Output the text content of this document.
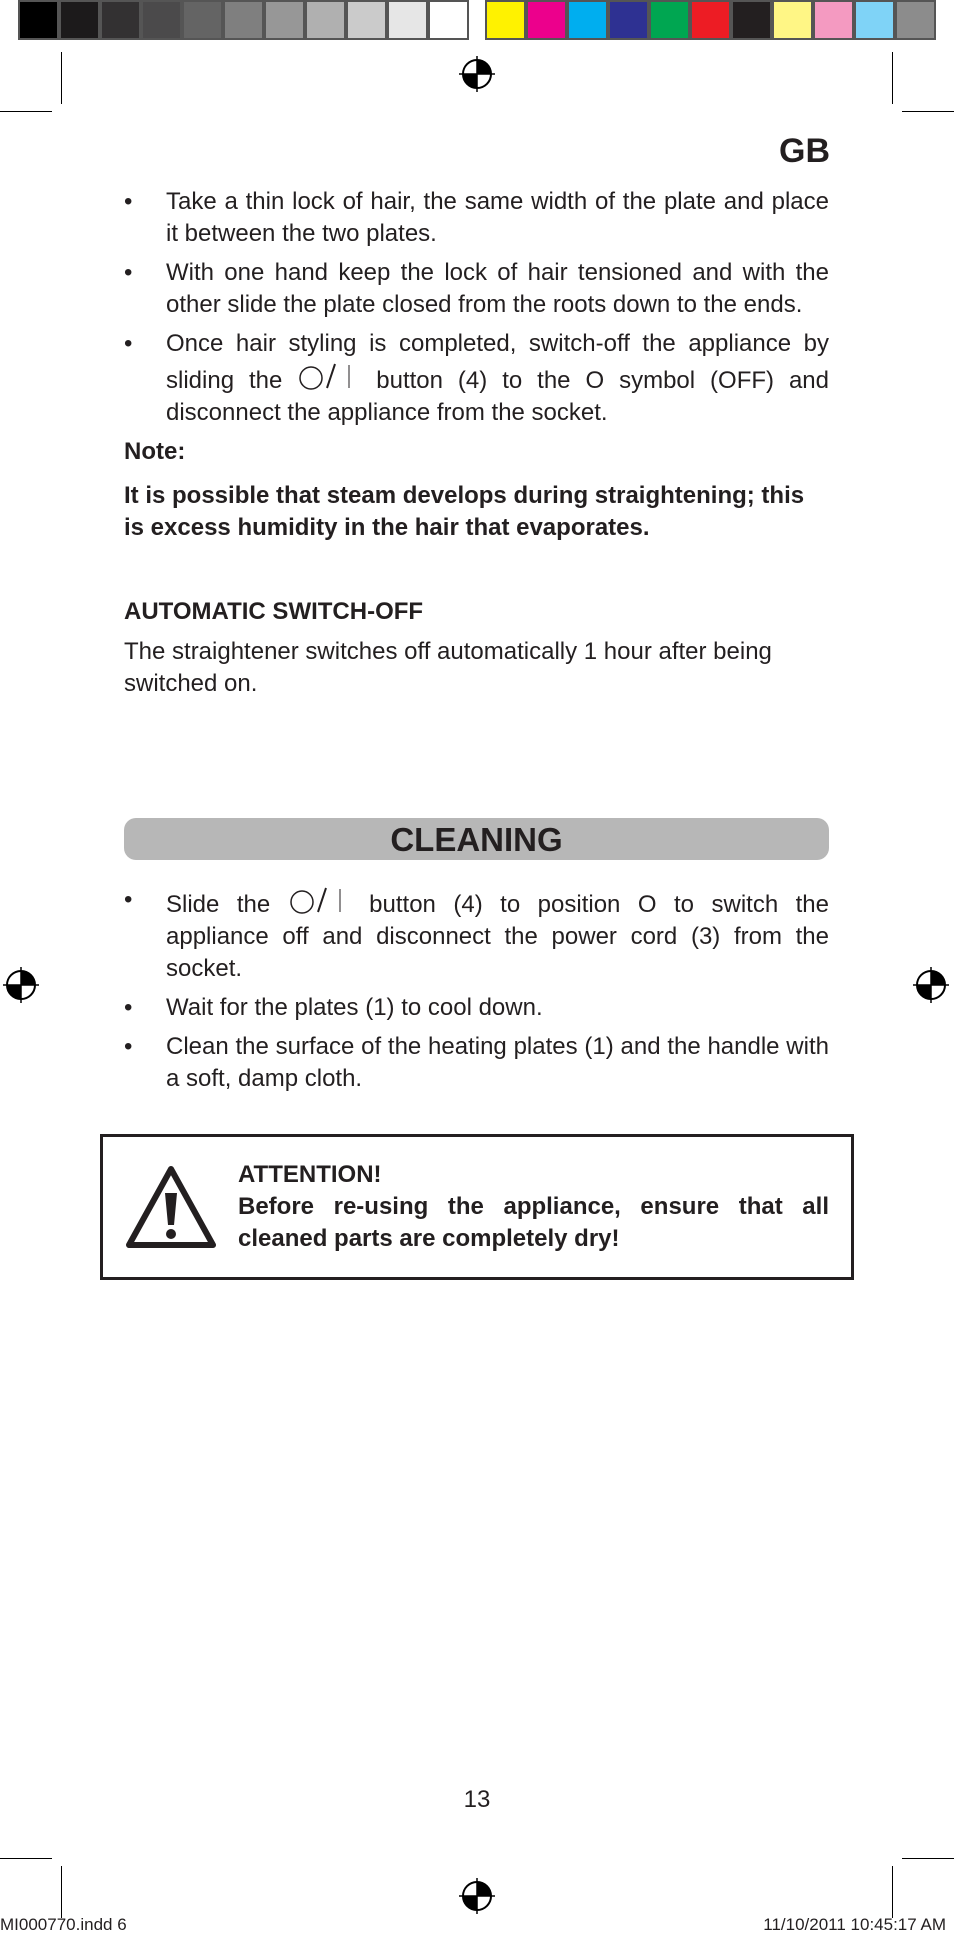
GB
• Take a thin lock of hair, the same width of the plate and place it between the two plates.
• With one hand keep the lock of hair tensioned and with the other slide the plate closed from the roots down to the ends.
• Once hair styling is completed, switch-off the appliance by sliding the	button (4) to the O symbol (OFF) and disconnect the appliance from the socket.
Note:
It is possible that steam develops during straightening; this is excess humidity in the hair that evaporates.
AUTOMATIC SWITCH-OFF
The straightener switches off automatically 1 hour after being switched on.
CLEANING
• Slide the	button (4) to position O to switch the appliance off and disconnect the power cord (3) from the socket.
• Wait for the plates (1) to cool down.
• Clean the surface of the heating plates (1) and the handle with a soft, damp cloth.
ATTENTION!
Before re-using the appliance, ensure that all cleaned parts are completely dry!
13
MI000770.indd 6	11/10/2011 10:45:17 AM
